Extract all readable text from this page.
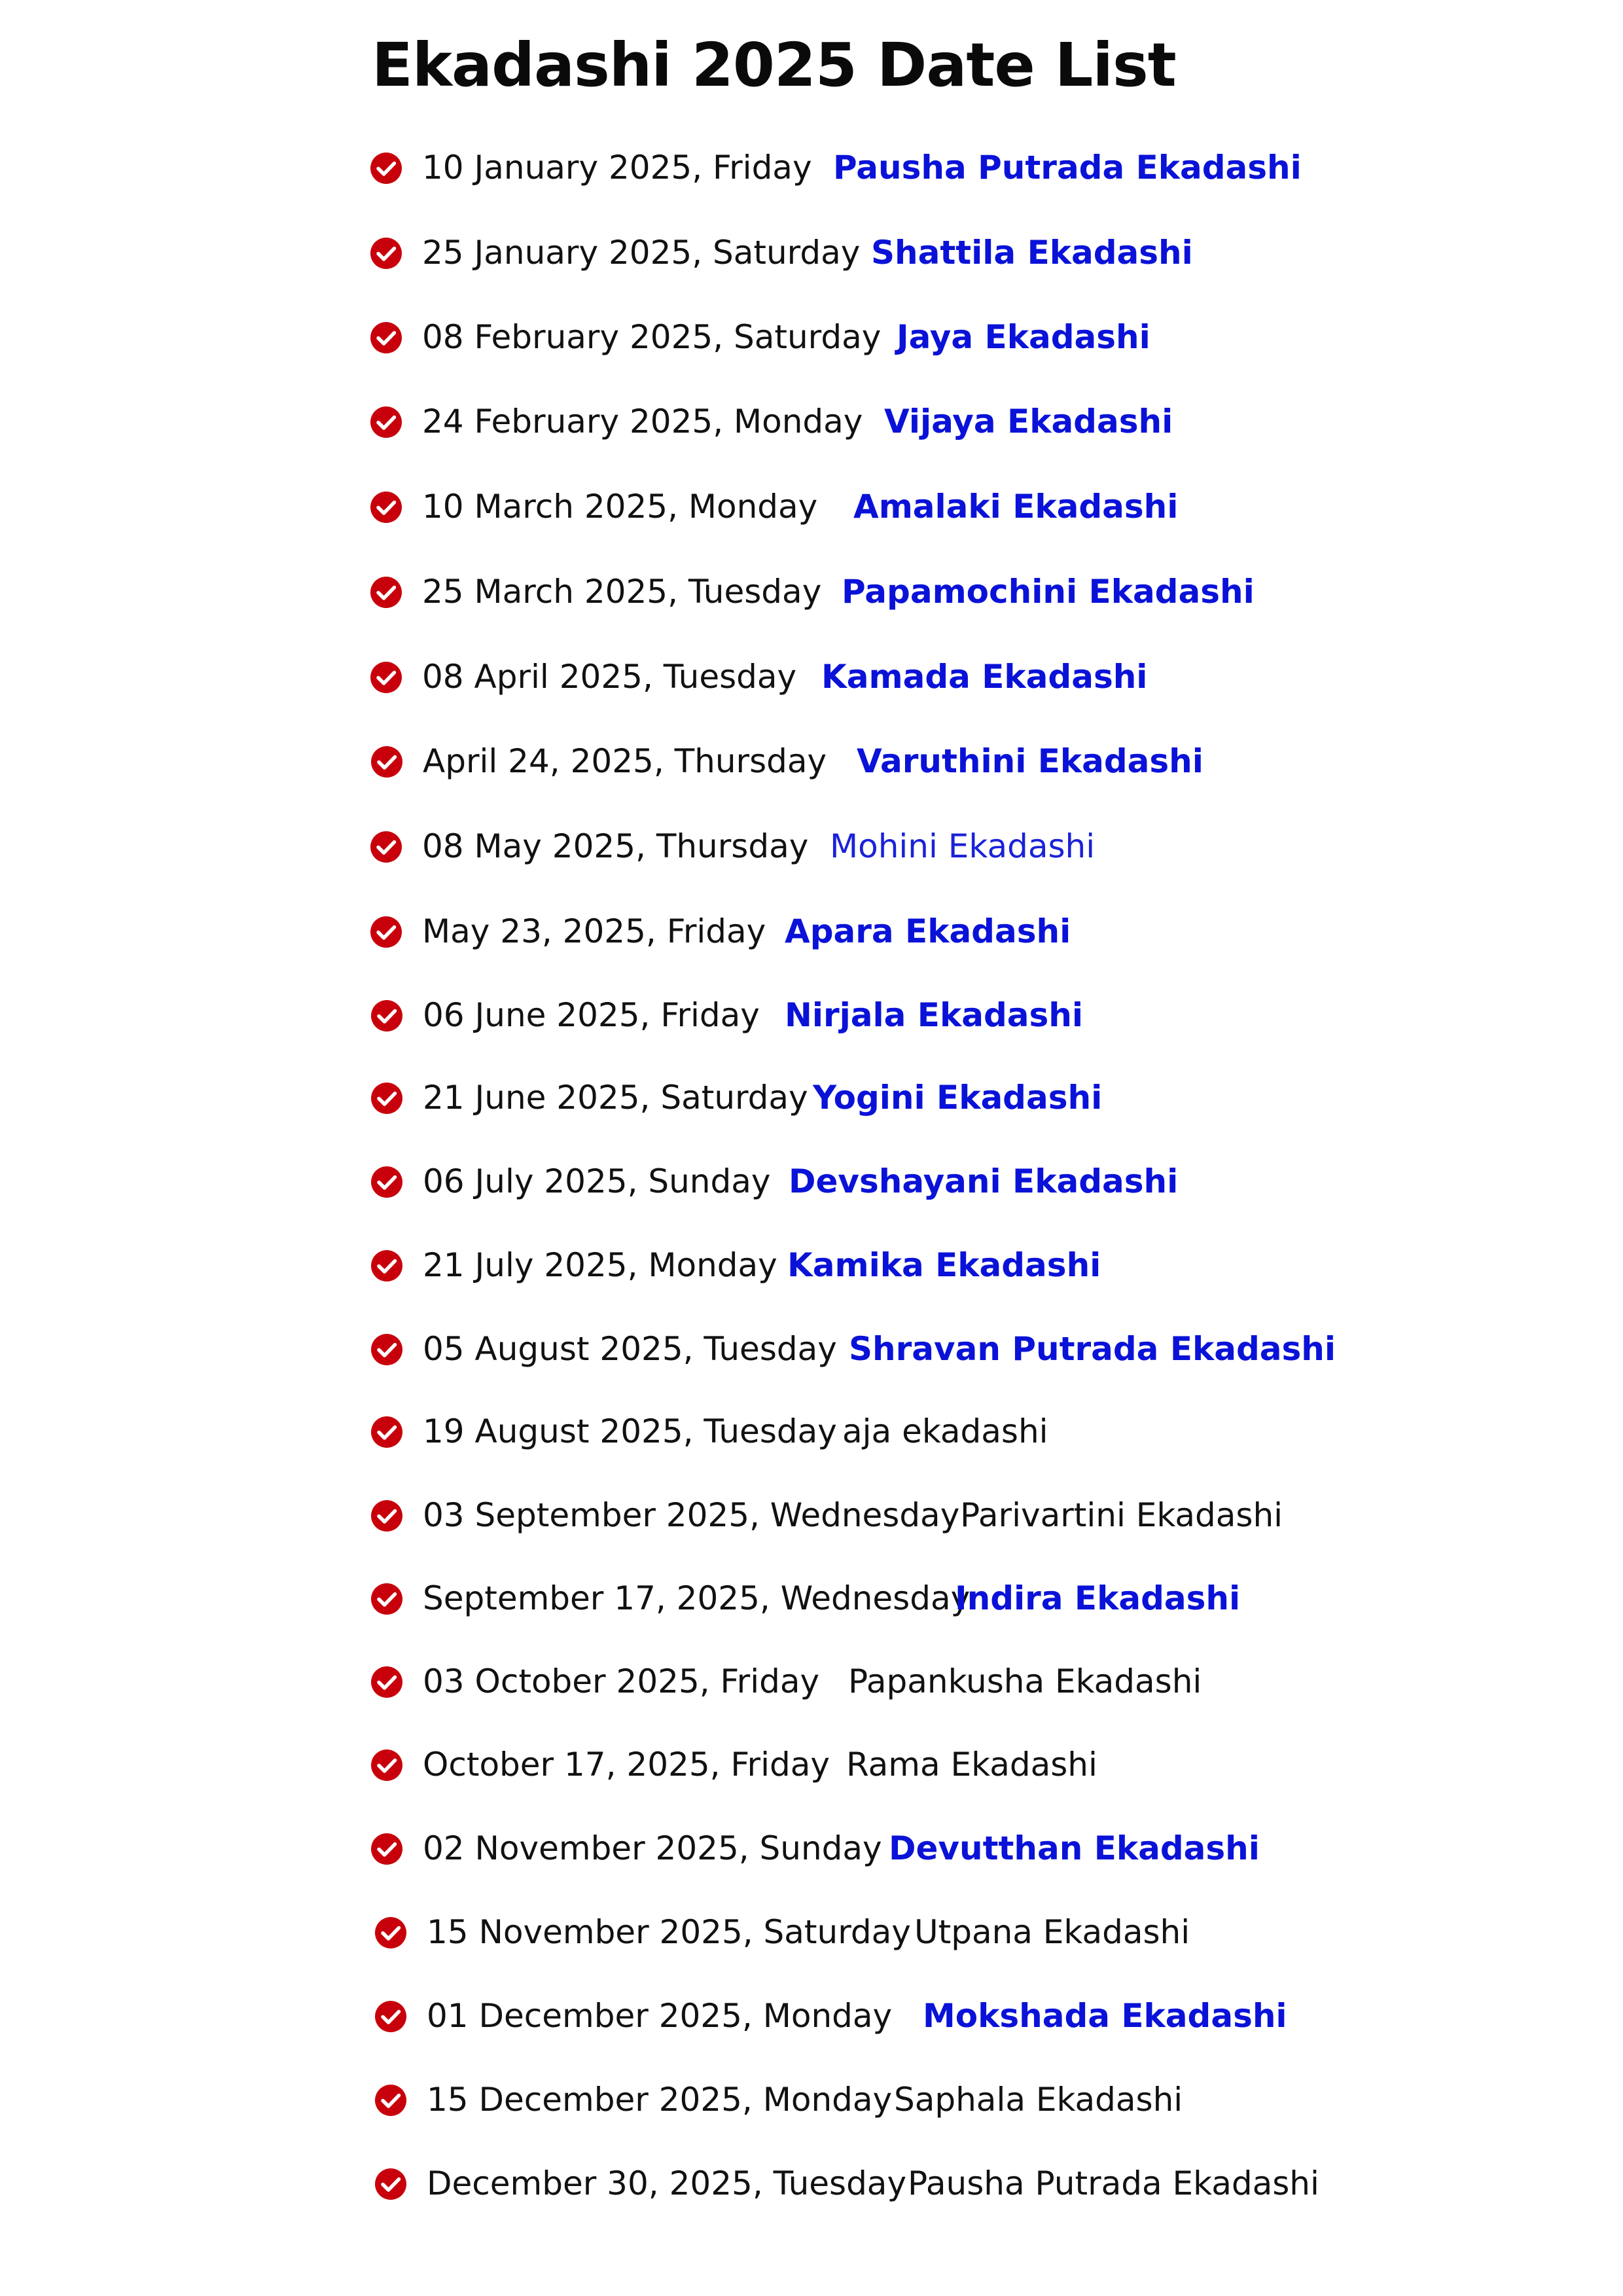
Ekadashi 2025 Date List
10 January 2025, Friday Pausha Putrada Ekadashi
25 January 2025, Saturday Shattila Ekadashi
08 February 2025, Saturday Jaya Ekadashi
24 February 2025, Monday Vijaya Ekadashi
10 March 2025, Monday Amalaki Ekadashi
25 March 2025, Tuesday Papamochini Ekadashi
08 April 2025, Tuesday Kamada Ekadashi
April 24, 2025, Thursday Varuthini Ekadashi
08 May 2025, Thursday Mohini Ekadashi
May 23, 2025, Friday Apara Ekadashi
06 June 2025, Friday Nirjala Ekadashi
21 June 2025, Saturday Yogini Ekadashi
06 July 2025, Sunday Devshayani Ekadashi
21 July 2025, Monday Kamika Ekadashi
05 August 2025, Tuesday Shravan Putrada Ekadashi
19 August 2025, Tuesday aja ekadashi
03 September 2025, Wednesday Parivartini Ekadashi
September 17, 2025, Wednesday
Indira Ekadashi
03 October 2025, Friday Papankusha Ekadashi
October 17, 2025, Friday Rama Ekadashi
02 November 2025, Sunday Devutthan Ekadashi
15 November 2025, Saturday Utpana Ekadashi
01 December 2025, Monday Mokshada Ekadashi
15 December 2025, Monday Saphala Ekadashi
December 30, 2025, Tuesday Pausha Putrada Ekadashi
